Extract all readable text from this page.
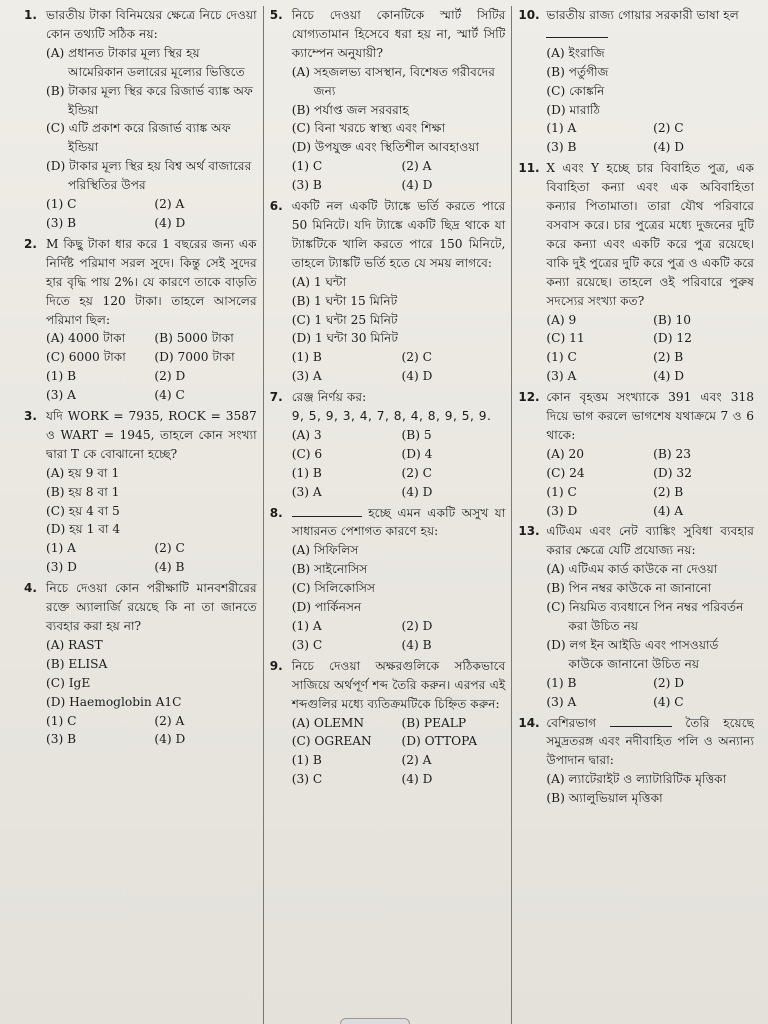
1. ভারতীয় টাকা বিনিময়ের ক্ষেত্রে নিচে দেওয়া কোন তথ্যটি সঠিক নয়:
(A) প্রধানত টাকার মূল্য স্থির হয় আমেরিকান ডলারের মূল্যের ভিত্তিতে
(B) টাকার মূল্য স্থির করে রিজার্ভ ব্যাঙ্ক অফ ইন্ডিয়া
(C) এটি প্রকাশ করে রিজার্ভ ব্যাঙ্ক অফ ইন্ডিয়া
(D) টাকার মূল্য স্থির হয় বিশ্ব অর্থ বাজারের পরিস্থিতির উপর
(1) C	(2) A
(3) B	(4) D
2. M কিছু টাকা ধার করে 1 বছরের জন্য এক নির্দিষ্ট পরিমাণ সরল সুদে। কিন্তু সেই সুদের হার বৃদ্ধি পায় 2%। যে কারণে তাকে বাড়তি দিতে হয় 120 টাকা। তাহলে আসলের পরিমাণ ছিল:
(A) 4000 টাকা	(B) 5000 টাকা
(C) 6000 টাকা	(D) 7000 টাকা
(1) B	(2) D
(3) A	(4) C
3. যদি WORK = 7935, ROCK = 3587 ও WART = 1945, তাহলে কোন সংখ্যা দ্বারা T কে বোঝানো হচ্ছে?
(A) হয় 9 বা 1
(B) হয় 8 বা 1
(C) হয় 4 বা 5
(D) হয় 1 বা 4
(1) A	(2) C
(3) D	(4) B
4. নিচে দেওয়া কোন পরীক্ষাটি মানবশরীরের রক্তে অ্যালার্জি রয়েছে কি না তা জানতে ব্যবহার করা হয় না?
(A) RAST
(B) ELISA
(C) IgE
(D) Haemoglobin A1C
(1) C	(2) A
(3) B	(4) D
5. নিচে দেওয়া কোনটিকে স্মার্ট সিটির যোগ্যতামান হিসেবে ধরা হয় না, স্মার্ট সিটি ক্যাম্পেন অনুযায়ী?
(A) সহজলভ্য বাসস্থান, বিশেষত গরীবদের জন্য
(B) পর্যাপ্ত জল সরবরাহ
(C) বিনা খরচে স্বাস্থ্য এবং শিক্ষা
(D) উপযুক্ত এবং স্থিতিশীল আবহাওয়া
(1) C	(2) A
(3) B	(4) D
6. একটি নল একটি ট্যাঙ্কে ভর্তি করতে পারে 50 মিনিটে। যদি ট্যাঙ্কে একটি ছিদ্র থাকে যা ট্যাঙ্কটিকে খালি করতে পারে 150 মিনিটে, তাহলে ট্যাঙ্কটি ভর্তি হতে যে সময় লাগবে:
(A) 1 ঘন্টা
(B) 1 ঘন্টা 15 মিনিট
(C) 1 ঘন্টা 25 মিনিট
(D) 1 ঘন্টা 30 মিনিট
(1) B	(2) C
(3) A	(4) D
7. রেঞ্জ নির্ণয় কর:
9, 5, 9, 3, 4, 7, 8, 4, 8, 9, 5, 9.
(A) 3	(B) 5
(C) 6	(D) 4
(1) B	(2) C
(3) A	(4) D
8.	হচ্ছে এমন একটি অসুখ যা সাধারনত পেশাগত কারণে হয়:
(A) সিফিলিস
(B) সাইনোসিস
(C) সিলিকোসিস
(D) পার্কিনসন
(1) A	(2) D
(3) C	(4) B
9. নিচে দেওয়া অক্ষরগুলিকে সঠিকভাবে সাজিয়ে অর্থপূর্ণ শব্দ তৈরি করুন। এরপর এই শব্দগুলির মধ্যে ব্যতিক্রমটিকে চিহ্নিত করুন:
(A) OLEMN	(B) PEALP
(C) OGREAN	(D) OTTOPA
(1) B	(2) A
(3) C	(4) D
10. ভারতীয় রাজ্য গোয়ার সরকারী ভাষা হল

(A) ইংরাজি
(B) পর্তুগীজ
(C) কোঙ্কনি
(D) মারাঠি
(1) A	(2) C
(3) B	(4) D
11. X এবং Y হচ্ছে চার বিবাহিত পুত্র, এক বিবাহিতা কন্যা এবং এক অবিবাহিতা কন্যার পিতামাতা। তারা যৌথ পরিবারে বসবাস করে। চার পুত্রের মধ্যে দুজনের দুটি করে কন্যা এবং একটি করে পুত্র রয়েছে। বাকি দুই পুত্রের দুটি করে পুত্র ও একটি করে কন্যা রয়েছে। তাহলে ওই পরিবারে পুরুষ সদস্যের সংখ্যা কত?
(A) 9	(B) 10
(C) 11	(D) 12
(1) C	(2) B
(3) A	(4) D
12. কোন বৃহত্তম সংখ্যাকে 391 এবং 318 দিয়ে ভাগ করলে ভাগশেষ যথাক্রমে 7 ও 6 থাকে:
(A) 20	(B) 23
(C) 24	(D) 32
(1) C	(2) B
(3) D	(4) A
13. এটিএম এবং নেট ব্যাঙ্কিং সুবিধা ব্যবহার করার ক্ষেত্রে যেটি প্রযোজ্য নয়:
(A) এটিএম কার্ড কাউকে না দেওয়া
(B) পিন নম্বর কাউকে না জানানো
(C) নিয়মিত ব্যবধানে পিন নম্বর পরিবর্তন করা উচিত নয়
(D) লগ ইন আইডি এবং পাসওয়ার্ড কাউকে জানানো উচিত নয়
(1) B	(2) D
(3) A	(4) C
14. বেশিরভাগ	তৈরি হয়েছে সমুদ্রতরঙ্গ এবং নদীবাহিত পলি ও অন্যান্য উপাদান দ্বারা:
(A) ল্যাটেরাইট ও ল্যাটারিটিক মৃত্তিকা
(B) অ্যালুভিয়াল মৃত্তিকা
